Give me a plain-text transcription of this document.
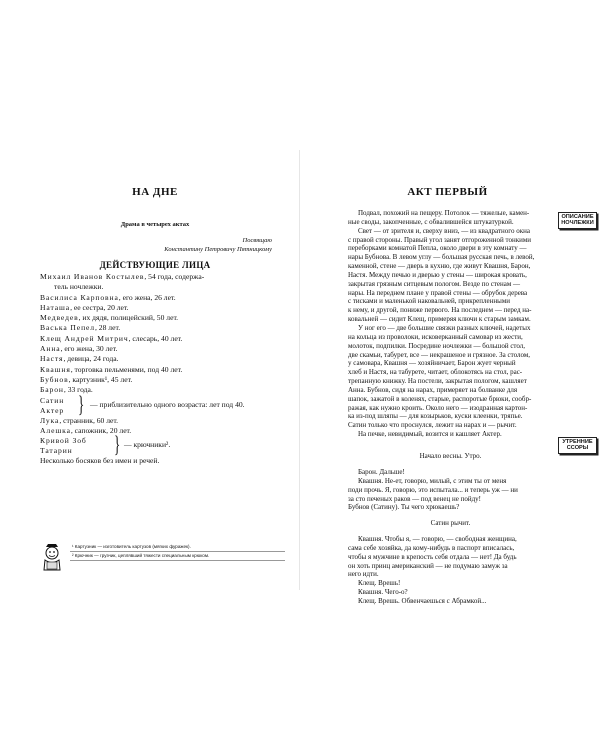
НА ДНЕ
Драма в четырех актах
Посвящаю
Константину Петровичу Пятницкому
ДЕЙСТВУЮЩИЕ ЛИЦА
Михаил Иванов Костылев, 54 года, содержа-
тель ночлежки.
Василиса Карповна, его жена, 26 лет.
Наташа, ее сестра, 20 лет.
Медведев, их дядя, полицейский, 50 лет.
Васька Пепел, 28 лет.
Клещ Андрей Митрич, слесарь, 40 лет.
Анна, его жена, 30 лет.
Настя, девица, 24 года.
Квашня, торговка пельменями, под 40 лет.
Бубнов, картузник¹, 45 лет.
Барон, 33 года.
Сатин
Актер } — приблизительно одного возраста: лет под 40.
Лука, странник, 60 лет.
Алешка, сапожник, 20 лет.
Кривой Зоб
Татарин	} — крючники².
Несколько босяков без имен и речей.
¹ Картузник — изготовитель картузов (мягких фуражек).
² Крючник — грузчик, цеплявший тяжести специальным крюком.
АКТ ПЕРВЫЙ
ОПИСАНИЕ
НОЧЛЕЖКИ
УТРЕННИЕ
ССОРЫ
Подвал, похожий на пещеру. Потолок — тяжелые, камен-
ные своды, закопченные, с обвалившейся штукатуркой.
Свет — от зрителя и, сверху вниз, — из квадратного окна
с правой стороны. Правый угол занят отгороженной тонкими
переборками комнатой Пепла, около двери в эту комнату —
нары Бубнова. В левом углу — большая русская печь, в левой,
каменной, стене — дверь в кухню, где живут Квашня, Барон,
Настя. Между печью и дверью у стены — широкая кровать,
закрытая грязным ситцевым пологом. Везде по стенам —
нары. На переднем плане у правой стены — обрубок дерева
с тисками и маленькой наковальней, прикрепленными
к нему, и другой, пониже первого. На последнем — перед на-
ковальней — сидит Клещ, примеряя ключи к старым замкам.
У ног его — две большие связки разных ключей, надетых
на кольца из проволоки, исковерканный самовар из жести,
молоток, подпилки. Посредине ночлежки — большой стол,
две скамьи, табурет, все — некрашеное и грязное. За столом,
у самовара, Квашня — хозяйничает, Барон жует черный
хлеб и Настя, на табурете, читает, облокотясь на стол, рас-
трепанную книжку. На постели, закрытая пологом, кашляет
Анна. Бубнов, сидя на нарах, примеряет на болванке для
шапок, зажатой в коленях, старые, распоротые брюки, сообр-
ражая, как нужно кроить. Около него — изодранная картон-
ка из-под шляпы — для козырьков, куски клеенки, тряпье.
Сатин только что проснулся, лежит на нарах и — рычит.
На печке, невидимый, возится и кашляет Актер.
Начало весны. Утро.
Барон. Дальше!
Квашня. Не-ет, говорю, милый, с этим ты от меня
поди прочь. Я, говорю, это испытала... и теперь уж — ни
за сто печеных раков — под венец не пойду!
Бубнов (Сатину). Ты чего хрюкаешь?
Сатин рычит.
Квашня. Чтобы я, — говорю, — свободная женщина,
сама себе хозяйка, да кому-нибудь в паспорт вписалась,
чтобы я мужчине в крепость себя отдала — нет! Да будь
он хоть принц американский — не подумаю замуж за
него идти.
Клещ. Врешь!
Квашня. Чего-о?
Клещ. Врешь. Обвенчаешься с Абрамкой...
